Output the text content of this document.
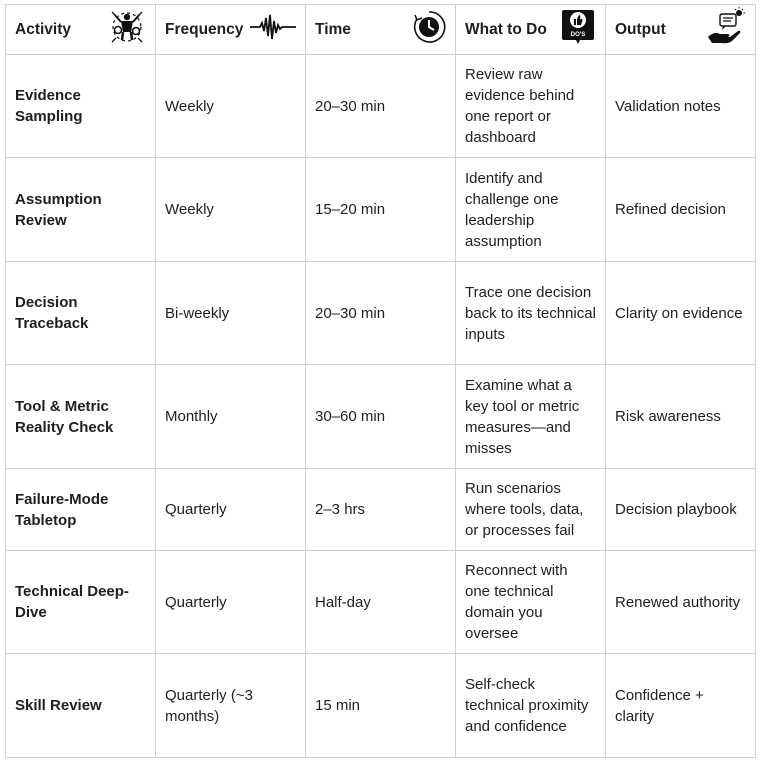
Activity	Frequency	Time	What to Do DO'S	Output

Evidence Sampling	Weekly	20–30 min	Review raw evidence behind one report or dashboard	Validation notes
Assumption Review	Weekly	15–20 min	Identify and challenge one leadership assumption	Refined decision
Decision Traceback	Bi-weekly	20–30 min	Trace one decision back to its technical inputs	Clarity on evidence
Tool & Metric Reality Check	Monthly	30–60 min	Examine what a key tool or metric measures—and misses	Risk awareness
Failure-Mode Tabletop	Quarterly	2–3 hrs	Run scenarios where tools, data, or processes fail	Decision playbook
Technical Deep-Dive	Quarterly	Half-day	Reconnect with one technical domain you oversee	Renewed authority
Skill Review	Quarterly (~3 months)	15 min	Self-check technical proximity and confidence	Confidence + clarity
